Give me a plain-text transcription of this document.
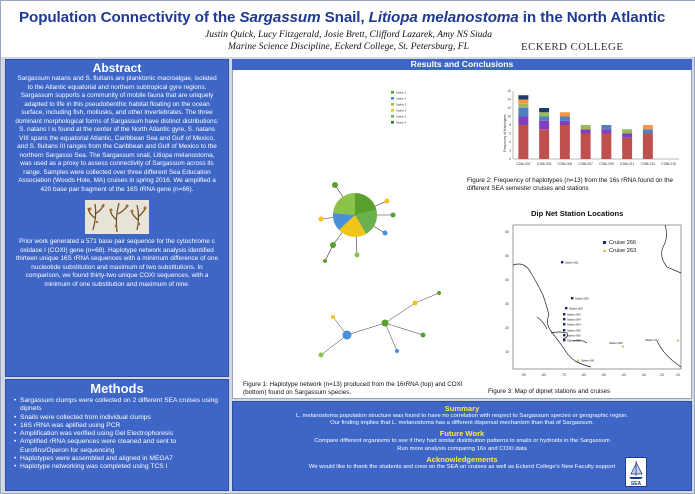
Population Connectivity of the Sargassum Snail, Litiopa melanostoma in the North Atlantic
Justin Quick, Lucy Fitzgerald, Josie Brett, Clifford Lazarek, Amy NS Siuda
Marine Science Discipline, Eckerd College, St. Petersburg, FL	ECKERD COLLEGE
Abstract

Sargassum natans and S. fluitans are planktonic macroalgae, isolated to the Atlantic equatorial and northern subtropical gyre regions. Sargassum supports a community of mobile fauna that are uniquely adapted to life in this pseudobenthic habitat floating on the ocean surface, including fish, mollusks, and other invertebrates. The three dominant morphological forms of Sargassum have distinct distributions: S. natans I is found at the center of the North Atlantic gyre, S. natans VIII spans the equatorial Atlantic, Caribbean Sea and Gulf of Mexico, and S. fluitans III ranges from the Caribbean and Gulf of Mexico to the northern Sargasso Sea. The Sargassum snail, Litiopa melanostoma, was used as a proxy to assess connectivity of Sargassum across its range. Samples were collected over three different Sea Education Association (Woods Hole, MA) cruises in spring 2016. We amplified a 420 base pair fragment of the 16S rRNA gene (n=66).

Prior work generated a 571 base pair sequence for the cytochrome c oxidase I (COXI) gene (n=68). Haplotype network analysis identified thirteen unique 16S rRNA sequences with a minimum difference of one nucleotide substitution and maximum of two substitutions. In comparison, we found thirty-two unique COXI sequences, with a minimum of one substitution and maximum of nine.

Methods
• Sargassum clumps were collected on 2 different SEA cruises using dipnets
• Snails were collected from individual clumps
• 16S rRNA was aplified using PCR
• Amplification was verified using Gel Electrophoresis
• Amplified rRNA sequences were cleaned and sent to Eurofins/Operon for sequencing
• Haplotypes were assembled and aligned in MEGA7
• Haplotype networking was completed using TCS I
Results and Conclusions
Station 1
Station 2
Station 3
Station 4
Station 5
Station 6
Figure 1: Haplotype network (n=13) produced from the 16rRNA (top) and COXI (bottom) found on Sargassum species.
0
2
4
6
8
10
12
14
16
Frequency of Haplotypes
C266-001 C266-003 C266-005 C266-007 C266-009 C266-011 C266-013 C266-015
Figure 2: Frequency of haplotypes (n=13) from the 16s rRNA found on the different SEA semester cruises and stations
Dip Net Station Locations
-90	-80	-70	-60	-50	-40	-30	-20	-10
60
50
40
30
20
10
Cruise 266
Cruise 263
Station 001
Station 009
Station 003
Station 004
Station 004
Station 004
Station 005
Station 006
Station 008
Station 041
Station 017
Station 009
Figure 3: Map of dipnet stations and cruises
Summary
L. melanostoma population structure was found to have no correlation with respect to Sargassum species or geographic region.
Our finding implies that L. melanostoma has a different dispersal mechanism than that of Sargassum.
Future Work
Compare different organisms to see if they had similar distribution patterns to snails or hydroids in the Sargassum
Run more analysis comparing 16s and COXI data
Acknowledgements
We would like to thank the students and crew on the SEA on cruises as well as Eckerd College's New Faculty support
SEA
